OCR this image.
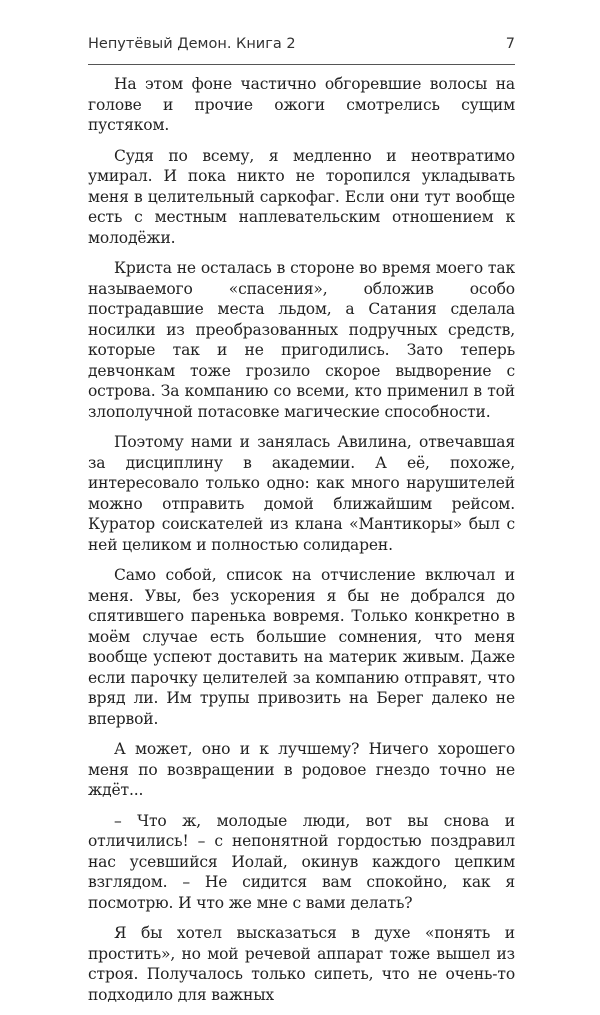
Непутёвый Демон. Книга 2	7

На этом фоне частично обгоревшие волосы на голове и прочие ожоги смотрелись сущим пустяком.

Судя по всему, я медленно и неотвратимо умирал. И пока никто не торопился укладывать меня в целительный саркофаг. Если они тут вообще есть с местным наплевательским отношением к молодёжи.

Криста не осталась в стороне во время моего так называемого «спасения», обложив особо пострадавшие места льдом, а Сатания сделала носилки из преобразованных подручных средств, которые так и не пригодились. Зато теперь девчонкам тоже грозило скорое выдворение с острова. За компанию со всеми, кто применил в той злополучной потасовке магические способности.

Поэтому нами и занялась Авилина, отвечавшая за дисциплину в академии. А её, похоже, интересовало только одно: как много нарушителей можно отправить домой ближайшим рейсом. Куратор соискателей из клана «Мантикоры» был с ней целиком и полностью солидарен.

Само собой, список на отчисление включал и меня. Увы, без ускорения я бы не добрался до спятившего паренька вовремя. Только конкретно в моём случае есть большие сомнения, что меня вообще успеют доставить на материк живым. Даже если парочку целителей за компанию отправят, что вряд ли. Им трупы привозить на Берег далеко не впервой.

А может, оно и к лучшему? Ничего хорошего меня по возвращении в родовое гнездо точно не ждёт...

– Что ж, молодые люди, вот вы снова и отличились! – с непонятной гордостью поздравил нас усевшийся Иолай, окинув каждого цепким взглядом. – Не сидится вам спокойно, как я посмотрю. И что же мне с вами делать?

Я бы хотел высказаться в духе «понять и простить», но мой речевой аппарат тоже вышел из строя. Получалось только сипеть, что не очень-то подходило для важных
